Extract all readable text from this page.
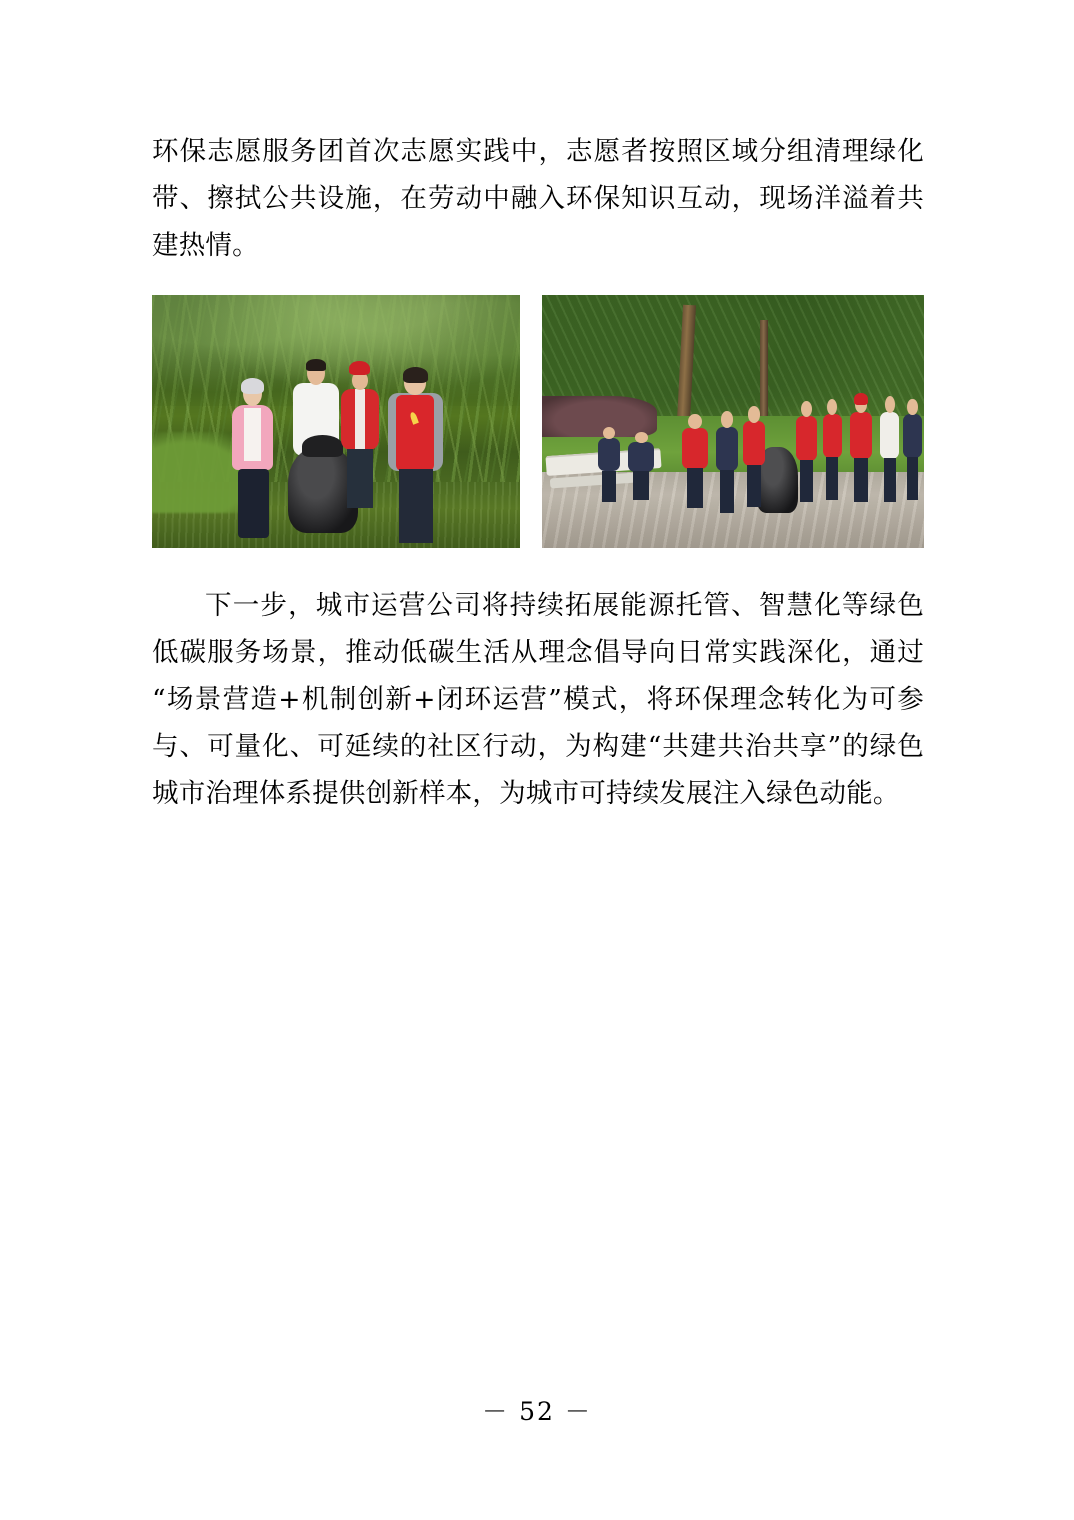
环保志愿服务团首次志愿实践中，志愿者按照区域分组清理绿化带、擦拭公共设施，在劳动中融入环保知识互动，现场洋溢着共建热情。

下一步，城市运营公司将持续拓展能源托管、智慧化等绿色低碳服务场景，推动低碳生活从理念倡导向日常实践深化，通过“场景营造+机制创新+闭环运营”模式，将环保理念转化为可参与、可量化、可延续的社区行动，为构建“共建共治共享”的绿色城市治理体系提供创新样本，为城市可持续发展注入绿色动能。

－ 52 －
